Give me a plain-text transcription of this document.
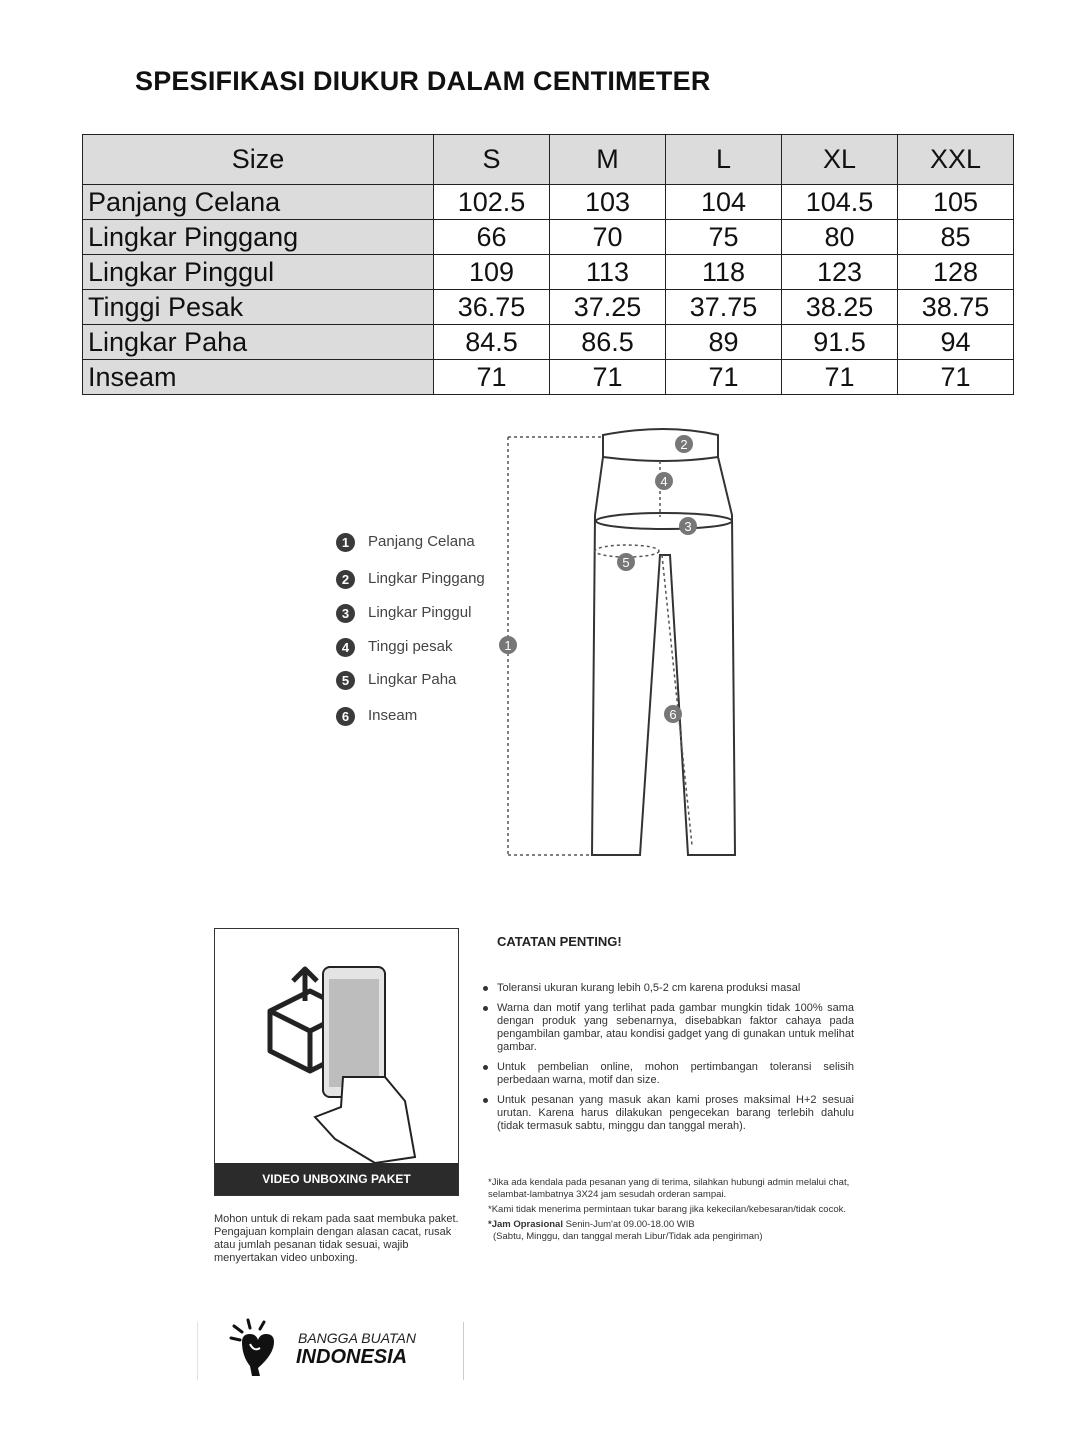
SPESIFIKASI DIUKUR DALAM CENTIMETER
Size	S	M	L	XL	XXL
Panjang Celana	102.5	103	104	104.5	105
Lingkar Pinggang	66	70	75	80	85
Lingkar Pinggul	109	113	118	123	128
Tinggi Pesak	36.75	37.25	37.75	38.25	38.75
Lingkar Paha	84.5	86.5	89	91.5	94
Inseam	71	71	71	71	71
1	Panjang Celana
2	Lingkar Pinggang
3	Lingkar Pinggul
4	Tinggi pesak
5	Lingkar Paha
6	Inseam
2
4
3
5
1
6
VIDEO UNBOXING PAKET
Mohon untuk di rekam pada saat membuka paket. Pengajuan komplain dengan alasan cacat, rusak atau jumlah pesanan tidak sesuai, wajib menyertakan video unboxing.
CATATAN PENTING!
Toleransi ukuran kurang lebih 0,5-2 cm karena produksi masal
Warna dan motif yang terlihat pada gambar mungkin tidak 100% sama dengan produk yang sebenarnya, disebabkan faktor cahaya pada pengambilan gambar, atau kondisi gadget yang di gunakan untuk melihat gambar.
Untuk pembelian online, mohon pertimbangan toleransi selisih perbedaan warna, motif dan size.
Untuk pesanan yang masuk akan kami proses maksimal H+2 sesuai urutan. Karena harus dilakukan pengecekan barang terlebih dahulu (tidak termasuk sabtu, minggu dan tanggal merah).
*Jika ada kendala pada pesanan yang di terima, silahkan hubungi admin melalui chat, selambat-lambatnya 3X24 jam sesudah orderan sampai.
*Kami tidak menerima permintaan tukar barang jika kekecilan/kebesaran/tidak cocok.
*Jam Oprasional Senin-Jum'at 09.00-18.00 WIB
(Sabtu, Minggu, dan tanggal merah Libur/Tidak ada pengiriman)
BANGGA BUATAN
INDONESIA
